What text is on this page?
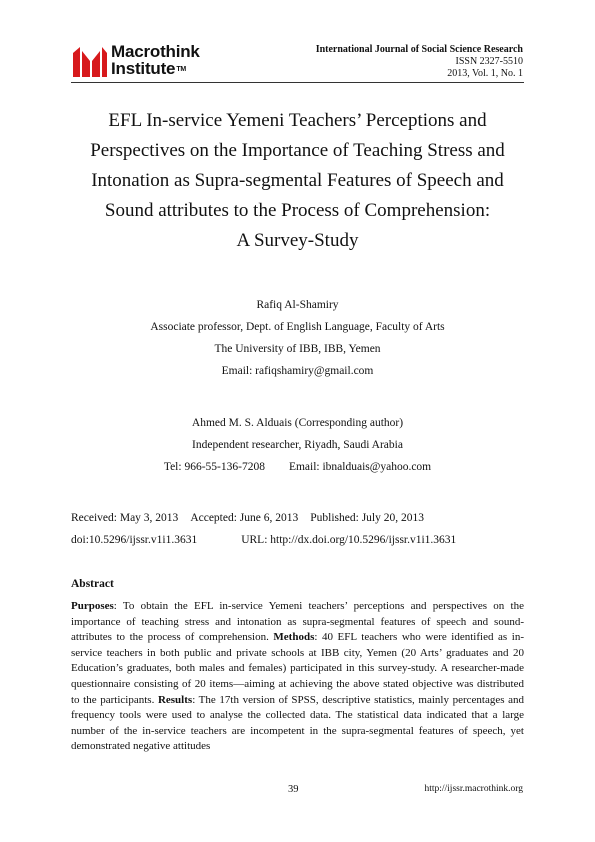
Macrothink
Institute™
International Journal of Social Science Research
ISSN 2327-5510
2013, Vol. 1, No. 1
EFL In-service Yemeni Teachers’ Perceptions and
Perspectives on the Importance of Teaching Stress and
Intonation as Supra-segmental Features of Speech and
Sound attributes to the Process of Comprehension:
A Survey-Study
Rafiq Al-Shamiry
Associate professor, Dept. of English Language, Faculty of Arts
The University of IBB, IBB, Yemen
Email: rafiqshamiry@gmail.com
Ahmed M. S. Alduais (Corresponding author)
Independent researcher, Riyadh, Saudi Arabia
Tel: 966-55-136-7208 Email: ibnalduais@yahoo.com
Received: May 3, 2013 Accepted: June 6, 2013 Published: July 20, 2013
doi:10.5296/ijssr.v1i1.3631	URL: http://dx.doi.org/10.5296/ijssr.v1i1.3631
Abstract
Purposes: To obtain the EFL in-service Yemeni teachers’ perceptions and perspectives on the importance of teaching stress and intonation as supra-segmental features of speech and sound-attributes to the process of comprehension. Methods: 40 EFL teachers who were identified as in-service teachers in both public and private schools at IBB city, Yemen (20 Arts’ graduates and 20 Education’s graduates, both males and females) participated in this survey-study. A researcher-made questionnaire consisting of 20 items—aiming at achieving the above stated objective was distributed to the participants. Results: The 17th version of SPSS, descriptive statistics, mainly percentages and frequency tools were used to analyse the collected data. The statistical data indicated that a large number of the in-service teachers are incompetent in the supra-segmental features of speech, yet demonstrated negative attitudes
39	http://ijssr.macrothink.org
